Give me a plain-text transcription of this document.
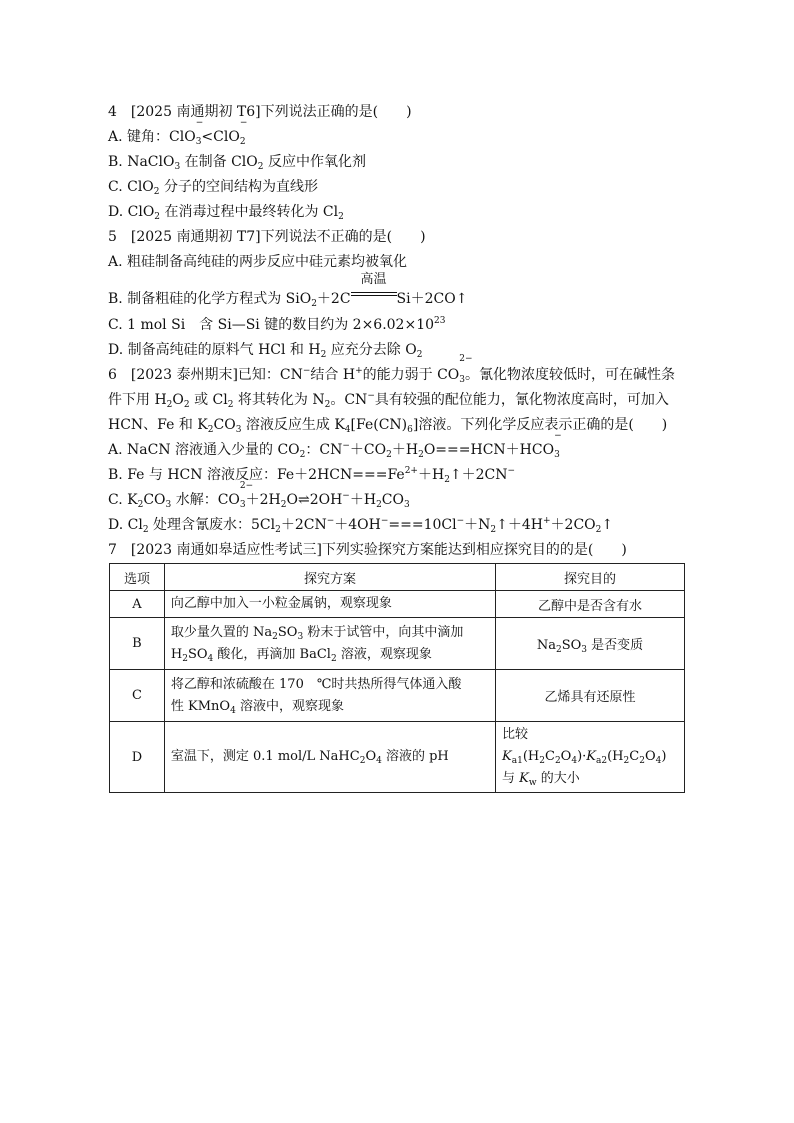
4　[2025 南通期初 T6]下列说法正确的是(　　)
A. 键角：ClO
−
$_3$<ClO
−
$_2$
B. NaClO$_3$ 在制备 ClO$_2$ 反应中作氧化剂
C. ClO$_2$ 分子的空间结构为直线形
D. ClO$_2$ 在消毒过程中最终转化为 $Cl_2$
5　[2025 南通期初 T7]下列说法不正确的是(　　)
A. 粗硅制备高纯硅的两步反应中硅元素均被氧化
B. 制备粗硅的化学方程式为 SiO$_2$＋2C
高温
Si＋2CO↑
C. 1 mol Si　含 Si—Si 键的数目约为 $2\times 6.02\times 10^{23}$
D. 制备高纯硅的原料气 HCl 和 $H_2$ 应充分去除 $O_2$
6　[2023 泰州期末]已知：CN−结合 H+的能力弱于 CO
2−
$_3$。氰化物浓度较低时，可在碱性条件下用 $H_2O_2$ 或 $Cl_2$ 将其转化为 $N_2$。CN−具有较强的配位能力，氰化物浓度高时，可加入 HCN、Fe 和 $K_2CO_3$ 溶液反应生成 $K_4[Fe(CN)_6]$溶液。下列化学反应表示正确的是(　　)
A. NaCN 溶液通入少量的 $CO_2$：$CN^-+CO_2+H_2O===HCN+HCO$
−
$_3$
B. Fe 与 HCN 溶液反应：$Fe+2HCN===Fe^{2+}+H_2↑+2CN^-$
C. $K_2CO_3$ 水解：CO
2−
$_3+2H_2O\rightleftharpoons 2OH^-+H_2CO_3$
D. $Cl_2$ 处理含氰废水：$5Cl_2+2CN^-+4OH^-===10Cl^-+N_2↑+4H^++2CO_2↑$
7　[2023 南通如皋适应性考试三]下列实验探究方案能达到相应探究目的的是(　　)
选项	探究方案	探究目的
A	向乙醇中加入一小粒金属钠，观察现象	乙醇中是否含有水
B	取少量久置的 $Na_2SO_3$ 粉末于试管中，向其中滴加
$H_2SO_4$ 酸化，再滴加 BaCl$_2$ 溶液，观察现象	$Na_2SO_3$ 是否变质
C	将乙醇和浓硫酸在 170　℃时共热所得气体通入酸
性 KMnO$_4$ 溶液中，观察现象	乙烯具有还原性
D	室温下，测定 0.1 mol/L $NaHC_2O_4$ 溶液的 pH	比较 $K_{a1}(H_2C_2O_4)\cdot K_{a2}(H_2C_2O_4)$
与 $K_w$ 的大小
